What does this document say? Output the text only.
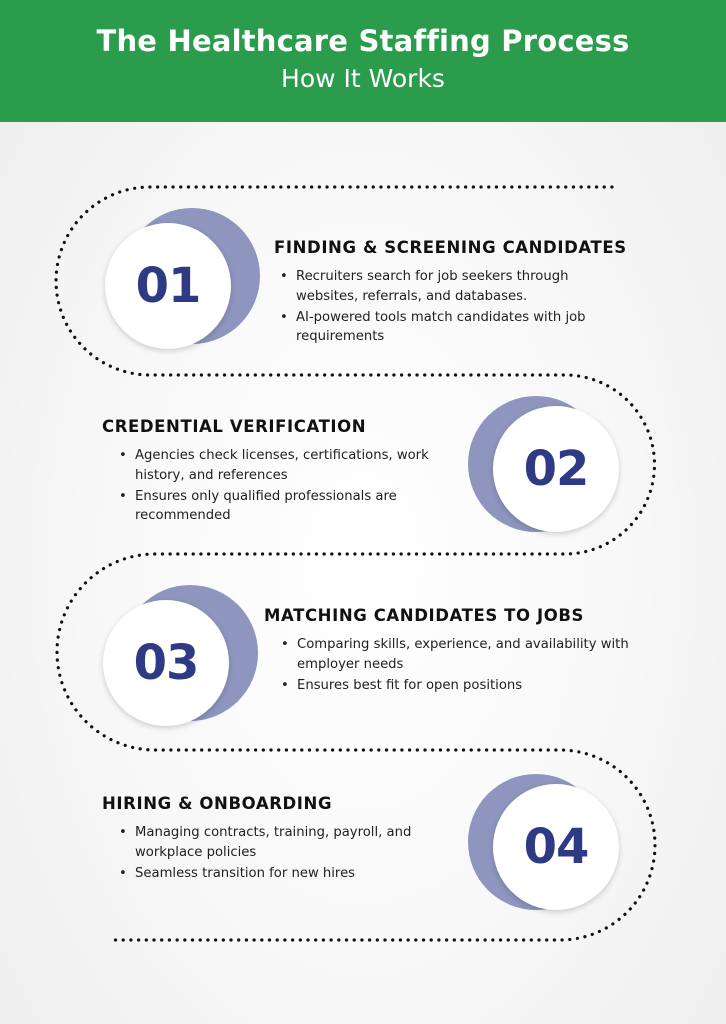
The Healthcare Staffing Process
How It Works
01
FINDING & SCREENING CANDIDATES
• Recruiters search for job seekers through websites, referrals, and databases.
• AI-powered tools match candidates with job requirements
CREDENTIAL VERIFICATION
• Agencies check licenses, certifications, work history, and references
• Ensures only qualified professionals are recommended
02
03
MATCHING CANDIDATES TO JOBS
• Comparing skills, experience, and availability with employer needs
• Ensures best fit for open positions
HIRING & ONBOARDING
• Managing contracts, training, payroll, and workplace policies
• Seamless transition for new hires	04
